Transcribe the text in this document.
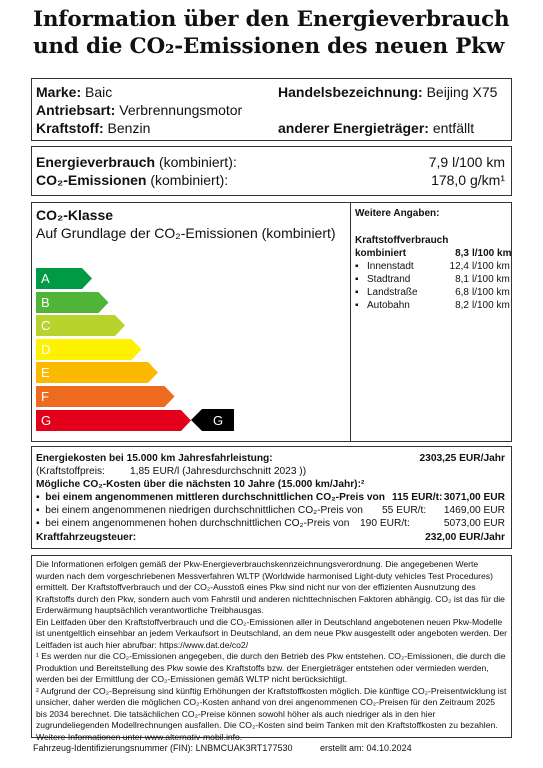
Information über den Energieverbrauch
und die CO₂-Emissionen des neuen Pkw
Marke: Baic	Handelsbezeichnung: Beijing X75
Antriebsart: Verbrennungsmotor
Kraftstoff: Benzin	anderer Energieträger: entfällt
Energieverbrauch (kombiniert):	7,9 l/100 km
CO₂-Emissionen (kombiniert):	178,0 g/km¹
CO₂-Klasse
Auf Grundlage der CO₂-Emissionen (kombiniert)
A
B
C
D
E
F
G	G
Weitere Angaben:
Kraftstoffverbrauch
kombiniert	8,3 l/100 km
▪ Innenstadt	12,4 l/100 km
▪ Stadtrand	8,1 l/100 km
▪ Landstraße	6,8 l/100 km
▪ Autobahn	8,2 l/100 km
Energiekosten bei 15.000 km Jahresfahrleistung:	2303,25 EUR/Jahr
(Kraftstoffpreis: 1,85 EUR/l (Jahresdurchschnitt 2023 ))
Mögliche CO₂-Kosten über die nächsten 10 Jahre (15.000 km/Jahr):²
▪  bei einem angenommenen mittleren durchschnittlichen CO₂-Preis von 115 EUR/t: 3071,00 EUR
▪  bei einem angenommenen niedrigen durchschnittlichen CO₂-Preis von 55 EUR/t:	1469,00 EUR
▪  bei einem angenommenen hohen durchschnittlichen CO₂-Preis von 190 EUR/t:	5073,00 EUR
Kraftfahrzeugsteuer:	232,00 EUR/Jahr

Die Informationen erfolgen gemäß der Pkw-Energieverbrauchskennzeichnungsverordnung. Die angegebenen Werte wurden nach dem vorgeschriebenen Messverfahren WLTP (Worldwide harmonised Light-duty vehicles Test Procedures) ermittelt. Der Kraftstoffverbrauch und der CO₂-Ausstoß eines Pkw sind nicht nur von der effizienten Ausnutzung des Kraftstoffs durch den Pkw, sondern auch vom Fahrstil und anderen nichttechnischen Faktoren abhängig. CO₂ ist das für die Erderwärmung hauptsächlich verantwortliche Treibhausgas.

Ein Leitfaden über den Kraftstoffverbrauch und die CO₂-Emissionen aller in Deutschland angebotenen neuen Pkw-Modelle ist unentgeltlich einsehbar an jedem Verkaufsort in Deutschland, an dem neue Pkw ausgestellt oder angeboten werden. Der Leitfaden ist auch hier abrufbar: https://www.dat.de/co2/

¹ Es werden nur die CO₂-Emissionen angegeben, die durch den Betrieb des Pkw entstehen. CO₂-Emissionen, die durch die Produktion und Bereitstellung des Pkw sowie des Kraftstoffs bzw. der Energieträger entstehen oder vermieden werden, werden bei der Ermittlung der CO₂-Emissionen gemäß WLTP nicht berücksichtigt.

² Aufgrund der CO₂-Bepreisung sind künftig Erhöhungen der Kraftstoffkosten möglich. Die künftige CO₂-Preisentwicklung ist unsicher, daher werden die möglichen CO₂-Kosten anhand von drei angenommenen CO₂-Preisen für den Zeitraum 2025 bis 2034 berechnet. Die tatsächlichen CO₂-Preise können sowohl höher als auch niedriger als in den hier zugrundeliegenden Modellrechnungen ausfallen. Die CO₂-Kosten sind beim Tanken mit den Kraftstoffkosten zu bezahlen. Weitere Informationen unter www.alternativ-mobil.info.

Fahrzeug-Identifizierungsnummer (FIN): LNBMCUAK3RT177530	erstellt am: 04.10.2024
